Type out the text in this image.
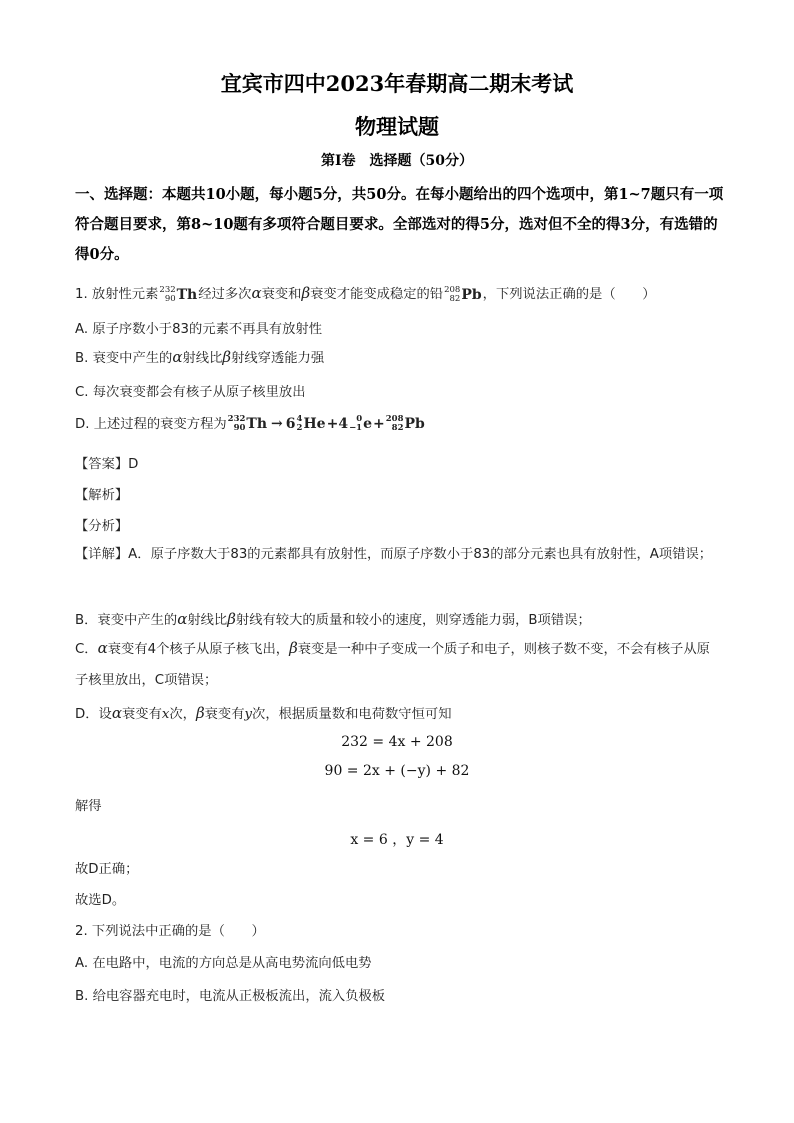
宜宾市四中2023年春期高二期末考试
物理试题
第I卷　选择题（50分）
一、选择题：本题共10小题，每小题5分，共50分。在每小题给出的四个选项中，第1~7题只有一项符合题目要求，第8~10题有多项符合题目要求。全部选对的得5分，选对但不全的得3分，有选错的得0分。
1. 放射性元素 232
90 Th 经过多次α衰变和β衰变才能变成稳定的铅 208
82 Pb ，下列说法正确的是（　　）
A. 原子序数小于83的元素不再具有放射性
B. 衰变中产生的α射线比β射线穿透能力强
C. 每次衰变都会有核子从原子核里放出
D. 上述过程的衰变方程为 232
90 Th → 6 4
2 He +4 0
−1 e + 208
82 Pb
【答案】D
【解析】
【分析】
【详解】A．原子序数大于83的元素都具有放射性，而原子序数小于83的部分元素也具有放射性，A项错误；
B．衰变中产生的α射线比β射线有较大的质量和较小的速度，则穿透能力弱，B项错误；
C．α衰变有4个核子从原子核飞出，β衰变是一种中子变成一个质子和电子，则核子数不变，不会有核子从原子核里放出，C项错误；
D．设α衰变有x次，β衰变有y次，根据质量数和电荷数守恒可知
232 = 4x + 208
90 = 2x + (−y) + 82
解得
x = 6 ，y = 4
故D正确；
故选D。
2. 下列说法中正确的是（　　）
A. 在电路中，电流的方向总是从高电势流向低电势
B. 给电容器充电时，电流从正极板流出，流入负极板
